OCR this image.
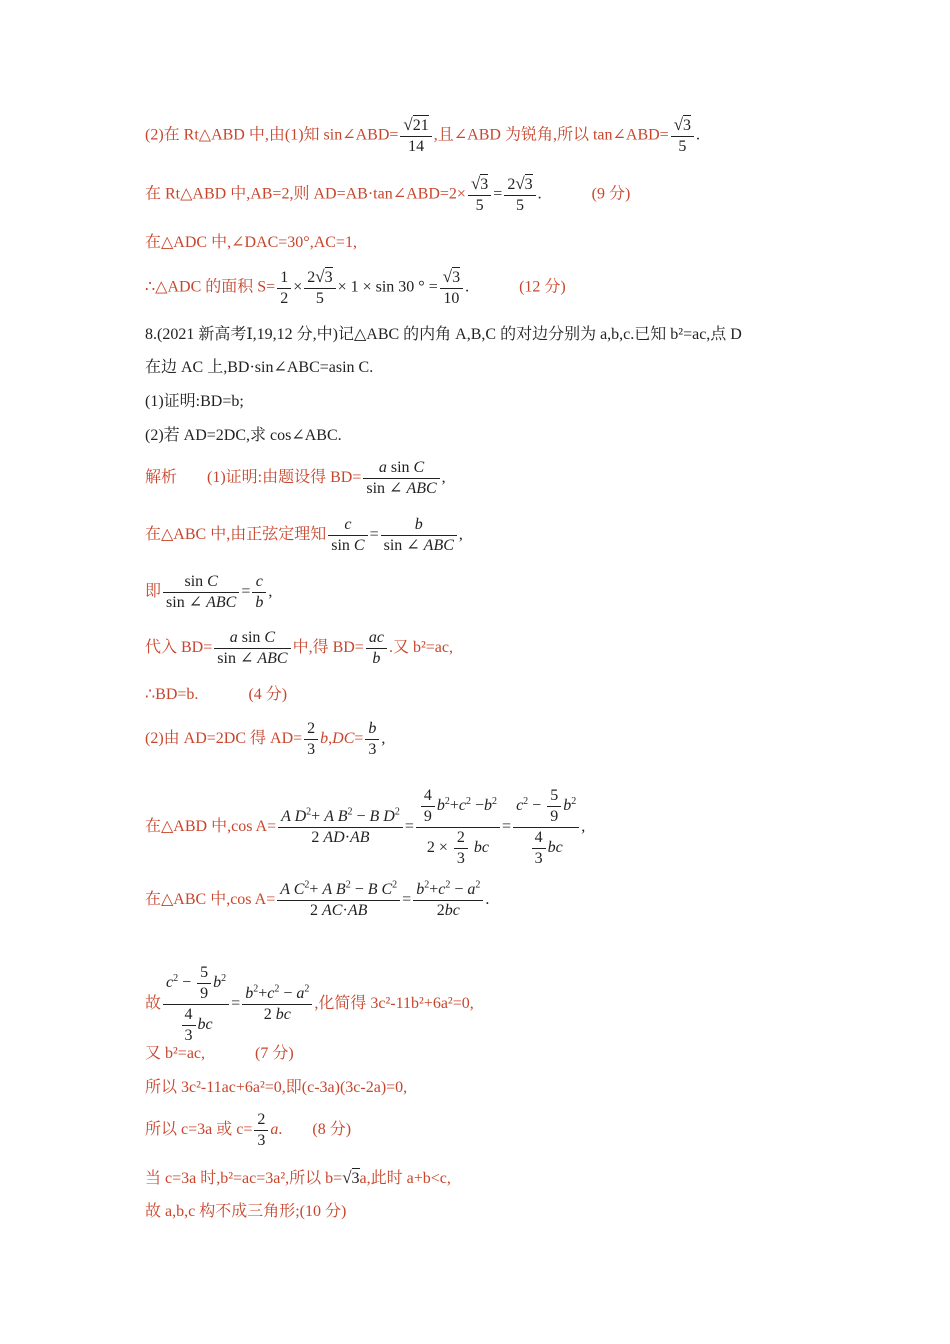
(2)在 Rt△ABD 中,由(1)知 sin∠ABD= $\frac{√21}{14}$ ,且∠ABD 为锐角,所以 tan∠ABD= $\frac{√3}{5}$ .
在 Rt△ABD 中,AB=2,则 AD=AB·tan∠ABD=2× $\frac{√3}{5} = \frac{2√3}{5}$ .	(9 分)
在△ADC 中,∠DAC=30°,AC=1,
∴△ADC 的面积 $S= \frac{1}{2} \times \frac{2√3}{5} \times 1 \times \sin 30$ ° = $\frac{√3}{10}$ .	(12 分)
8.(2021 新高考Ⅰ,19,12 分,中)记△ABC 的内角 A,B,C 的对边分别为 a,b,c.已知 b²=ac,点 D
在边 AC 上,BD·sin∠ABC=asin C.
(1)证明:BD=b;
(2)若 AD=2DC,求 cos∠ABC.
解析 (1)证明:由题设得 $BD= \frac{\text{a sin C}}{\text{sin ∠ ABC}}$ ,
在△ABC 中,由正弦定理知 $\frac{c}{\text{sin C}} = \frac{b}{\text{sin ∠ ABC}}$ ,
即 $\frac{\text{sin C}}{\text{sin ∠ ABC}} = \frac{c}{b}$ ,
代入 $BD= \frac{\text{a sin C}}{\text{sin ∠ ABC}}$ 中,得 $BD= \frac{ac}{b}$ .又 b²=ac,
∴BD=b.	(4 分)
(2)由 AD=2DC 得 $AD= \frac{2}{3} b,DC= \frac{b}{3}$ ,
在△ABD 中,cos $A= \frac{A D^2+ A B^2 - B D^2}{2 AD\cdot AB} = \frac{\frac{4}{9} b^2+c^2 -b^2}{2 \times \frac{2}{3} bc} = \frac{c^2 - \frac{5}{9} b^2}{\frac{4}{3} bc}$ ,
在△ABC 中,cos $A= \frac{A C^2+ A B^2 - B C^2}{2 AC\cdot AB} = \frac{b^2+c^2 - a^2}{2bc}$ .
故 $\frac{c^2 - \frac{5}{9} b^2}{\frac{4}{3} bc} = \frac{b^2+c^2 - a^2}{2 bc}$ ,化简得 3c²-11b²+6a²=0,
又 b²=ac,	(7 分)
所以 3c²-11ac+6a²=0,即(c-3a)(3c-2a)=0,
所以 c=3a 或 $c= \frac{2}{3} a$. (8 分)
当 c=3a 时,b²=ac=3a²,所以 b=√3a,此时 a+b<c,
故 a,b,c 构不成三角形;(10 分)
